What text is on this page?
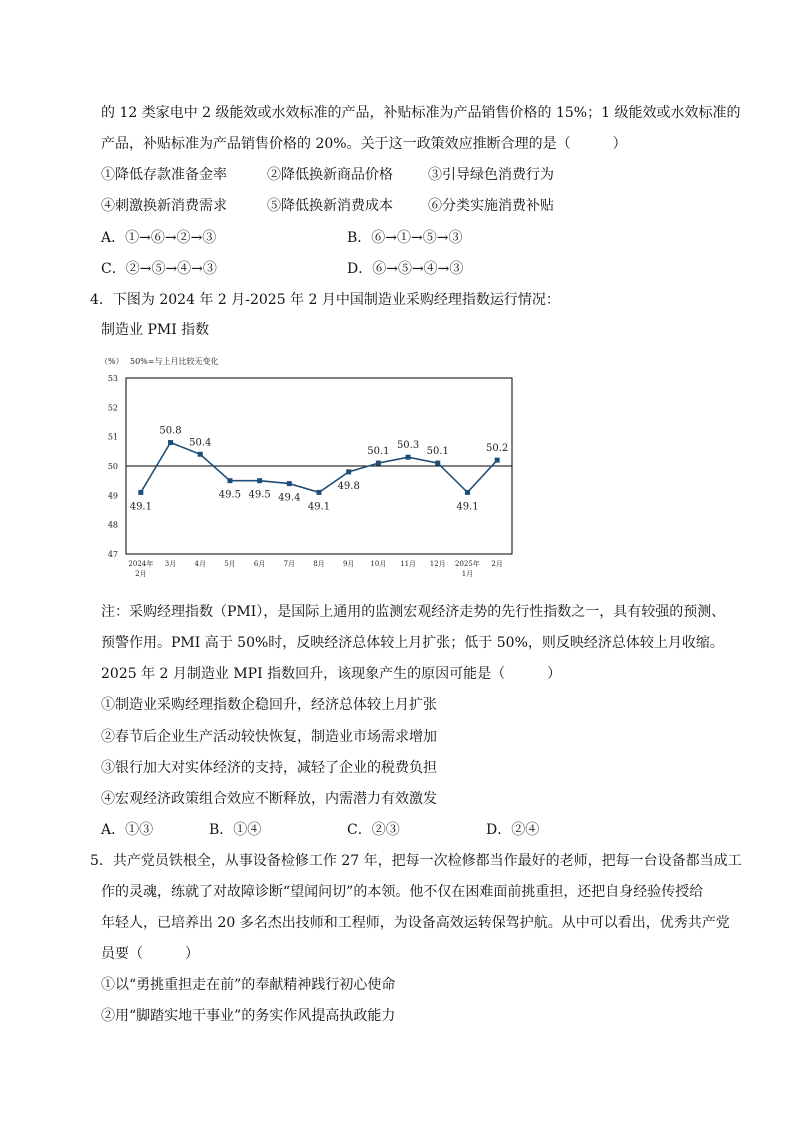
的 12 类家电中 2 级能效或水效标准的产品，补贴标准为产品销售价格的 15%；1 级能效或水效标准的
产品，补贴标准为产品销售价格的 20%。关于这一政策效应推断合理的是（　　　）
①降低存款准备金率	②降低换新商品价格	③引导绿色消费行为
④刺激换新消费需求	⑤降低换新消费成本	⑥分类实施消费补贴
A．①→⑥→②→③	B．⑥→①→⑤→③
C．②→⑤→④→③	D．⑥→⑤→④→③
4．下图为 2024 年 2 月-2025 年 2 月中国制造业采购经理指数运行情况：
制造业 PMI 指数
（%） 50%=与上月比较无变化
47
48
49
50
51
52
53
2024年
2月
3月	4月	5月	6月	7月	8月	9月 10月 11月 12月 2025年
1月
2月
49.1
50.8
50.4
49.5 49.5 49.4
49.1
49.8
50.1
50.3
50.1
49.1
50.2
注：采购经理指数（PMI），是国际上通用的监测宏观经济走势的先行性指数之一，具有较强的预测、
预警作用。PMI 高于 50%时，反映经济总体较上月扩张；低于 50%，则反映经济总体较上月收缩。
2025 年 2 月制造业 MPI 指数回升，该现象产生的原因可能是（　　　）
①制造业采购经理指数企稳回升，经济总体较上月扩张
②春节后企业生产活动较快恢复，制造业市场需求增加
③银行加大对实体经济的支持，减轻了企业的税费负担
④宏观经济政策组合效应不断释放，内需潜力有效激发
A．①③	B．①④	C．②③	D．②④
5．共产党员铁根全，从事设备检修工作 27 年，把每一次检修都当作最好的老师，把每一台设备都当成工
作的灵魂，练就了对故障诊断“望闻问切”的本领。他不仅在困难面前挑重担，还把自身经验传授给
年轻人，已培养出 20 多名杰出技师和工程师，为设备高效运转保驾护航。从中可以看出，优秀共产党
员要（　　　）
①以“勇挑重担走在前”的奉献精神践行初心使命
②用“脚踏实地干事业”的务实作风提高执政能力
